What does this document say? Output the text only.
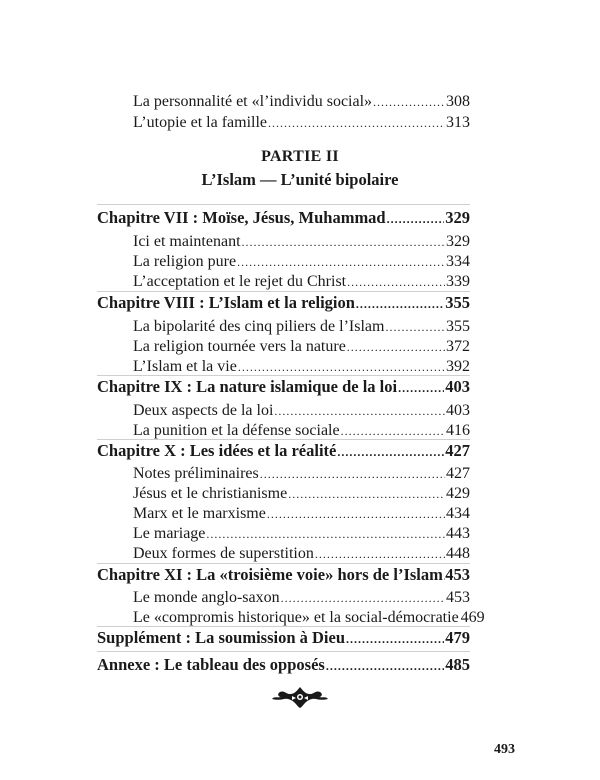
La personnalité et «l’individu social» .....	308
L’utopie et la famille .....	313
PARTIE II
L’Islam — L’unité bipolaire
Chapitre VII : Moïse, Jésus, Muhammad .....	329
Ici et maintenant .....	329
La religion pure .....	334
L’acceptation et le rejet du Christ .....	339
Chapitre VIII : L’Islam et la religion .....	355
La bipolarité des cinq piliers de l’Islam .....	355
La religion tournée vers la nature .....	372
L’Islam et la vie .....	392
Chapitre IX : La nature islamique de la loi .....	403
Deux aspects de la loi .....	403
La punition et la défense sociale .....	416
Chapitre X : Les idées et la réalité .....	427
Notes préliminaires .....	427
Jésus et le christianisme .....	429
Marx et le marxisme .....	434
Le mariage .....	443
Deux formes de superstition .....	448
Chapitre XI : La «troisième voie» hors de l’Islam ..... 453
Le monde anglo-saxon .....	453
Le «compromis historique» et la social-démocratie 469
Supplément : La soumission à Dieu .....	479
Annexe : Le tableau des opposés .....	485
493
